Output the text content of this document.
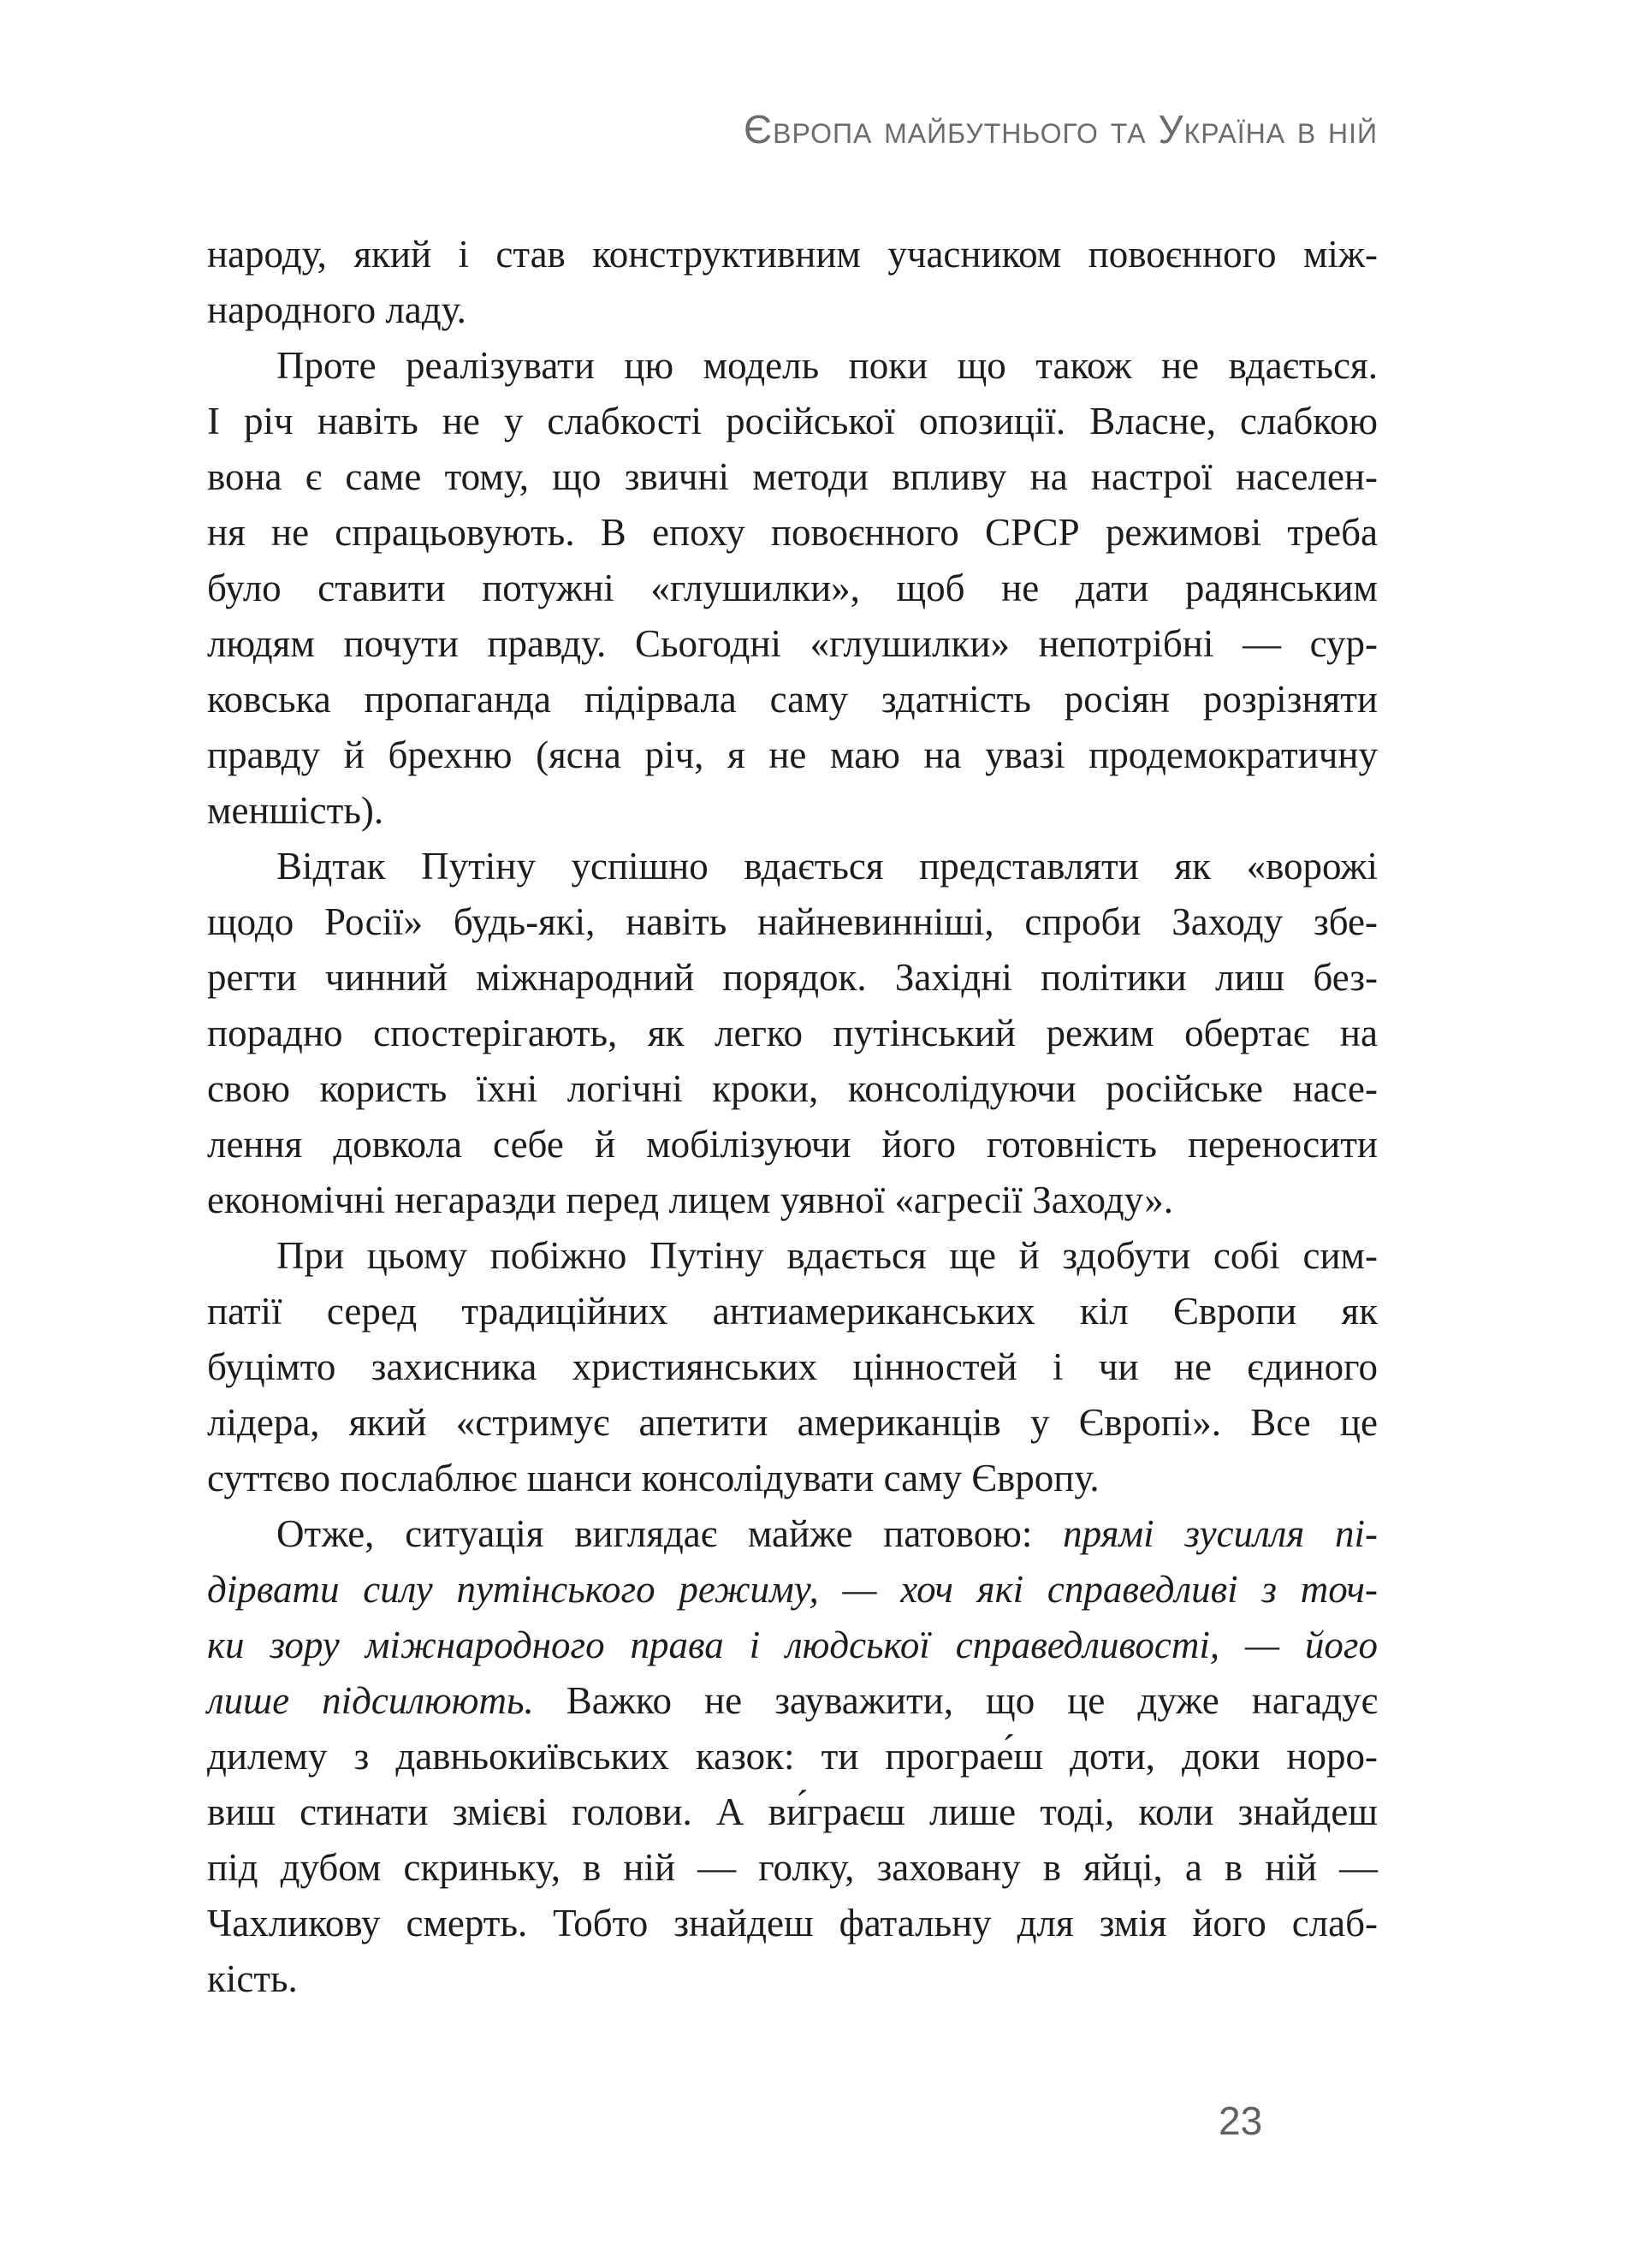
Європа майбутнього та Україна в ній
народу, який і став конструктивним учасником повоєнного між-
народного ладу.
Проте реалізувати цю модель поки що також не вдається.
І річ навіть не у слабкості російської опозиції. Власне, слабкою
вона є саме тому, що звичні методи впливу на настрої населен-
ня не спрацьовують. В епоху повоєнного СРСР режимові треба
було ставити потужні «глушилки», щоб не дати радянським
людям почути правду. Сьогодні «глушилки» непотрібні — сур-
ковська пропаганда підірвала саму здатність росіян розрізняти
правду й брехню (ясна річ, я не маю на увазі продемократичну
меншість).
Відтак Путіну успішно вдається представляти як «ворожі
щодо Росії» будь-які, навіть найневинніші, спроби Заходу збе-
регти чинний міжнародний порядок. Західні політики лиш без-
порадно спостерігають, як легко путінський режим обертає на
свою користь їхні логічні кроки, консолідуючи російське насе-
лення довкола себе й мобілізуючи його готовність переносити
економічні негаразди перед лицем уявної «агресії Заходу».
При цьому побіжно Путіну вдається ще й здобути собі сим-
патії серед традиційних антиамериканських кіл Європи як
буцімто захисника християнських цінностей і чи не єдиного
лідера, який «стримує апетити американців у Європі». Все це
суттєво послаблює шанси консолідувати саму Європу.
Отже, ситуація виглядає майже патовою: прямі зусилля пі-
дірвати силу путінського режиму, — хоч які справедливі з точ-
ки зору міжнародного права і людської справедливості, — його
лише підсилюють. Важко не зауважити, що це дуже нагадує
дилему з давньокиївських казок: ти програе́ш доти, доки норо-
виш стинати змієві голови. А ви́граєш лише тоді, коли знайдеш
під дубом скриньку, в ній — голку, заховану в яйці, а в ній —
Чахликову смерть. Тобто знайдеш фатальну для змія його слаб-
кість.
23
